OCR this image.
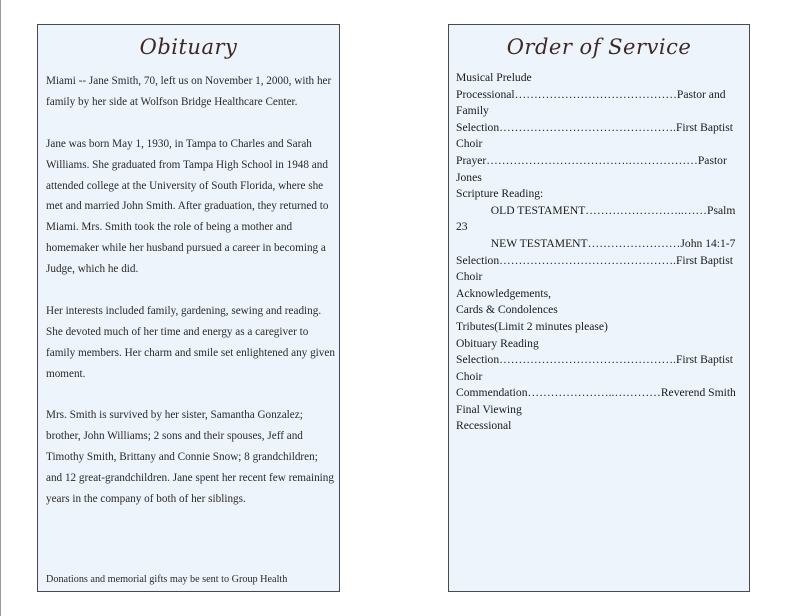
Obituary

Miami -- Jane Smith, 70, left us on November 1, 2000, with her family by her side at Wolfson Bridge Healthcare Center.

Jane was born May 1, 1930, in Tampa to Charles and Sarah Williams. She graduated from Tampa High School in 1948 and attended college at the University of South Florida, where she met and married John Smith. After graduation, they returned to Miami. Mrs. Smith took the role of being a mother and homemaker while her husband pursued a career in becoming a Judge, which he did.

Her interests included family, gardening, sewing and reading. She devoted much of her time and energy as a caregiver to family members. Her charm and smile set enlightened any given moment.

Mrs. Smith is survived by her sister, Samantha Gonzalez; brother, John Williams; 2 sons and their spouses, Jeff and Timothy Smith, Brittany and Connie Snow; 8 grandchildren; and 12 great-grandchildren. Jane spent her recent few remaining years in the company of both of her siblings.

Donations and memorial gifts may be sent to Group Health
Order of Service
Musical Prelude
Processional……………………………………Pastor and Family
Selection……………………………………….First Baptist Choir
Prayer……………………………….………………Pastor Jones
Scripture Reading:
OLD TESTAMENT……………………..……Psalm 23
NEW TESTAMENT……………………John 14:1-7
Selection……………………………………….First Baptist Choir
Acknowledgements,
Cards & Condolences
Tributes(Limit 2 minutes please)
Obituary Reading
Selection……………………………………….First Baptist Choir
Commendation…………………..…………Reverend Smith
Final Viewing
Recessional
